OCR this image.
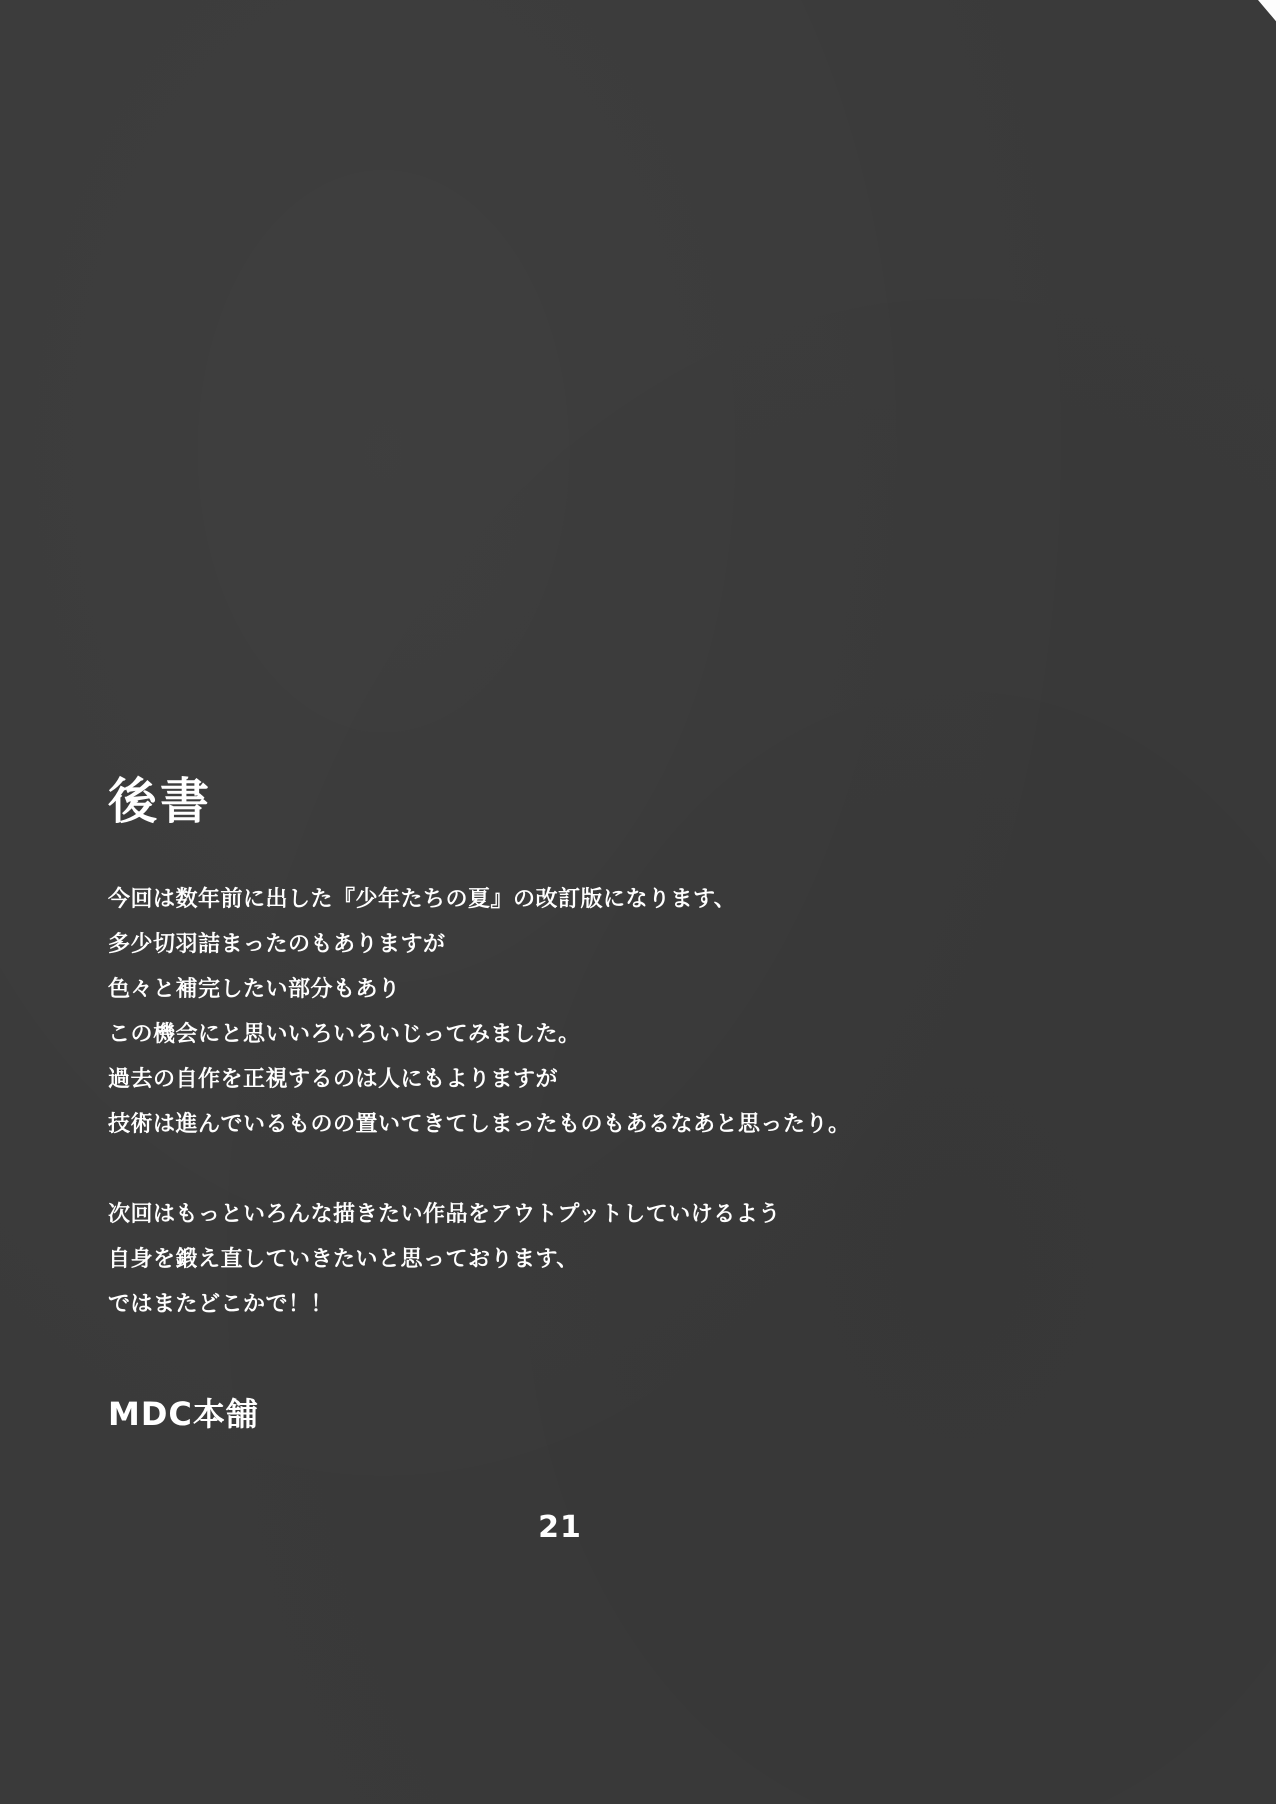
後書

今回は数年前に出した『少年たちの夏』の改訂版になります、

多少切羽詰まったのもありますが

色々と補完したい部分もあり

この機会にと思いいろいろいじってみました。

過去の自作を正視するのは人にもよりますが

技術は進んでいるものの置いてきてしまったものもあるなあと思ったり。

次回はもっといろんな描きたい作品をアウトプットしていけるよう

自身を鍛え直していきたいと思っております、

ではまたどこかで！！

MDC本舗
21
